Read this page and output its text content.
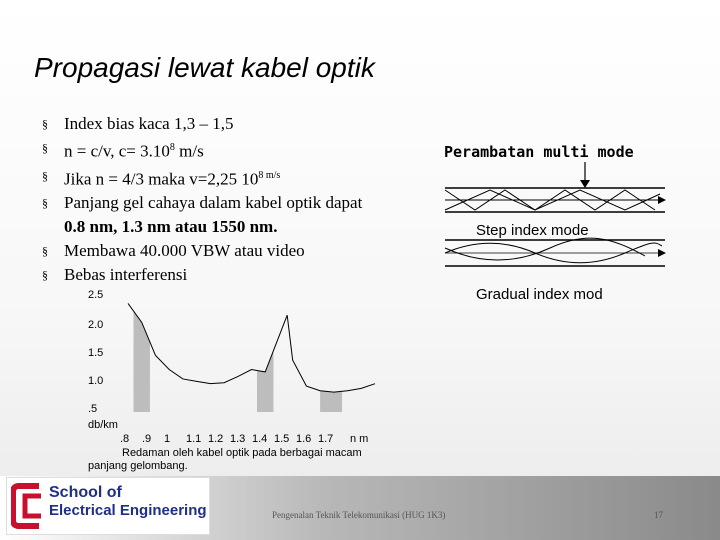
Propagasi lewat kabel optik
§ Index bias kaca 1,3 – 1,5
§ n = c/v, $c= 3.10^8$ m/s
§ Jika n = 4/3 maka v=2,25 $10^{8 m/s}$
§ Panjang gel cahaya dalam kabel optik dapat
0.8 nm, 1.3 nm atau 1550 nm.
§ Membawa 40.000 VBW atau video
§ Bebas interferensi
Perambatan multi mode
Step index mode
Gradual index mod
2.5
2.0
1.5
1.0
.5
.8 .9 1 1.1 1.2 1.3 1.4 1.5 1.6 1.7
db/km
n m
Redaman oleh kabel optik pada berbagai macam
panjang gelombang.
School of
Electrical Engineering	Pengenalan Teknik Telekomunikasi (HUG 1K3)	17
